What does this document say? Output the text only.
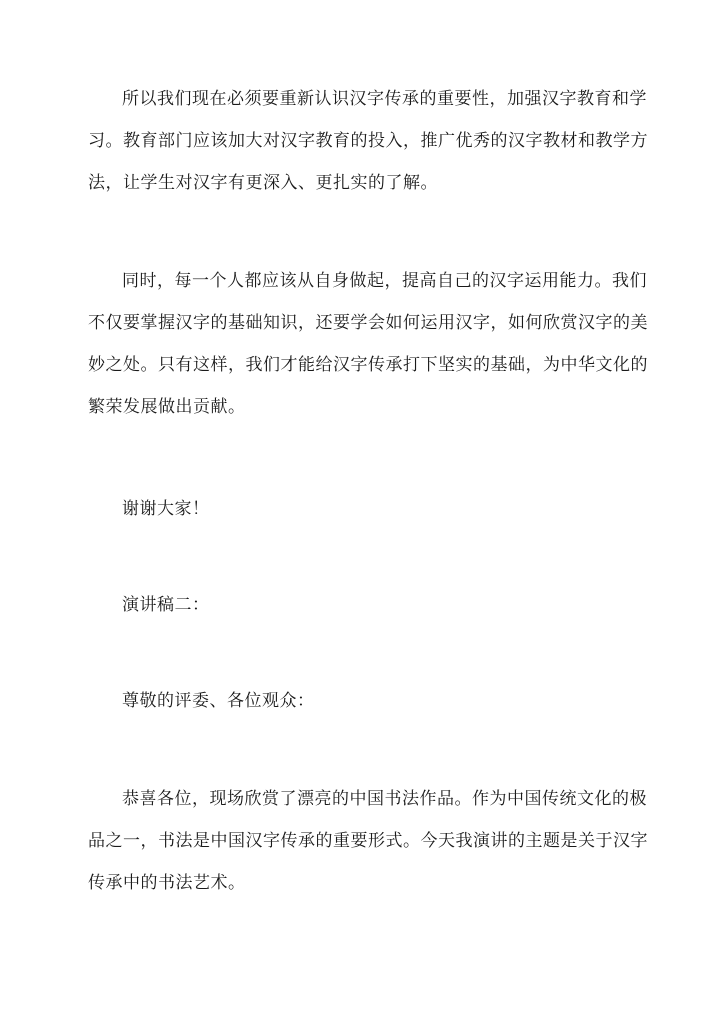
所以我们现在必须要重新认识汉字传承的重要性，加强汉字教育和学
习。教育部门应该加大对汉字教育的投入，推广优秀的汉字教材和教学方
法，让学生对汉字有更深入、更扎实的了解。
同时，每一个人都应该从自身做起，提高自己的汉字运用能力。我们
不仅要掌握汉字的基础知识，还要学会如何运用汉字，如何欣赏汉字的美
妙之处。只有这样，我们才能给汉字传承打下坚实的基础，为中华文化的
繁荣发展做出贡献。
谢谢大家！
演讲稿二：
尊敬的评委、各位观众：
恭喜各位，现场欣赏了漂亮的中国书法作品。作为中国传统文化的极
品之一，书法是中国汉字传承的重要形式。今天我演讲的主题是关于汉字
传承中的书法艺术。
